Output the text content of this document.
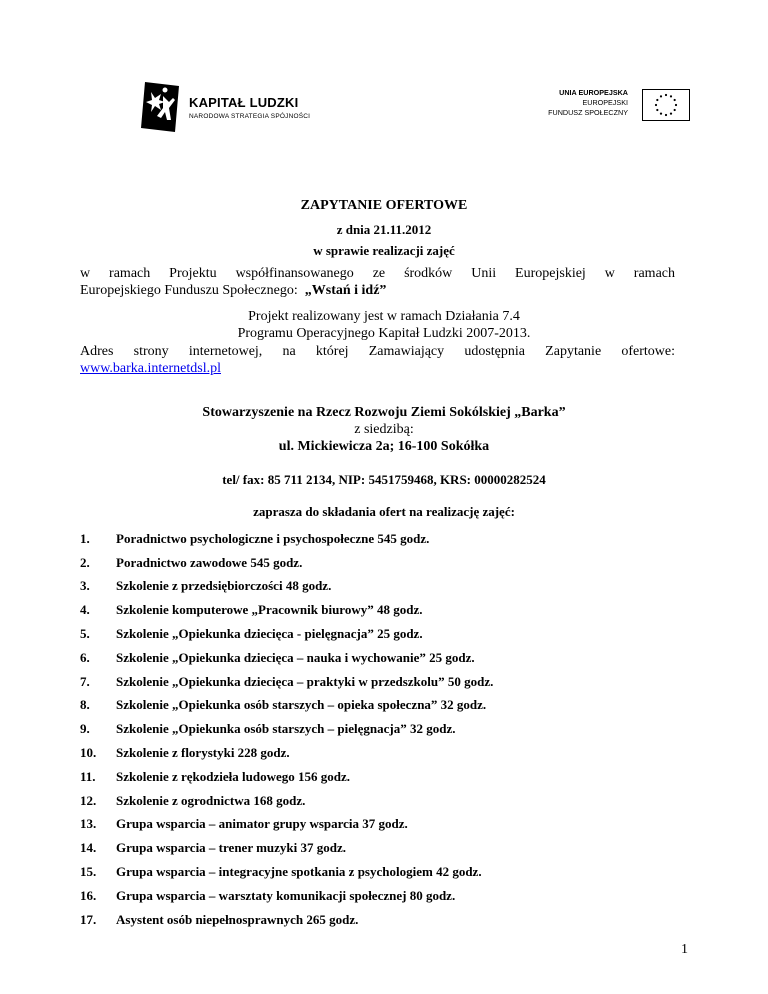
KAPITAŁ LUDZKI
NARODOWA STRATEGIA SPÓJNOŚCI
UNIA EUROPEJSKA
EUROPEJSKI
FUNDUSZ SPOŁECZNY
ZAPYTANIE OFERTOWE
z dnia 21.11.2012
w sprawie realizacji zajęć
w ramach Projektu współfinansowanego ze środków Unii Europejskiej w ramach
Europejskiego Funduszu Społecznego: „Wstań i idź”
Projekt realizowany jest w ramach Działania 7.4
Programu Operacyjnego Kapitał Ludzki 2007-2013.
Adres strony internetowej, na której Zamawiający udostępnia Zapytanie ofertowe:
www.barka.internetdsl.pl
Stowarzyszenie na Rzecz Rozwoju Ziemi Sokólskiej „Barka”
z siedzibą:
ul. Mickiewicza 2a; 16-100 Sokółka
tel/ fax: 85 711 2134, NIP: 5451759468, KRS: 00000282524
zaprasza do składania ofert na realizację zajęć:
1.	Poradnictwo psychologiczne i psychospołeczne 545 godz.
2.	Poradnictwo zawodowe 545 godz.
3.	Szkolenie z przedsiębiorczości 48 godz.
4.	Szkolenie komputerowe „Pracownik biurowy” 48 godz.
5.	Szkolenie „Opiekunka dziecięca - pielęgnacja” 25 godz.
6.	Szkolenie „Opiekunka dziecięca – nauka i wychowanie” 25 godz.
7.	Szkolenie „Opiekunka dziecięca – praktyki w przedszkolu” 50 godz.
8.	Szkolenie „Opiekunka osób starszych – opieka społeczna” 32 godz.
9.	Szkolenie „Opiekunka osób starszych – pielęgnacja” 32 godz.
10.	Szkolenie z florystyki 228 godz.
11.	Szkolenie z rękodzieła ludowego 156 godz.
12.	Szkolenie z ogrodnictwa 168 godz.
13.	Grupa wsparcia – animator grupy wsparcia 37 godz.
14.	Grupa wsparcia – trener muzyki 37 godz.
15.	Grupa wsparcia – integracyjne spotkania z psychologiem 42 godz.
16.	Grupa wsparcia – warsztaty komunikacji społecznej 80 godz.
17.	Asystent osób niepełnosprawnych 265 godz.
1
